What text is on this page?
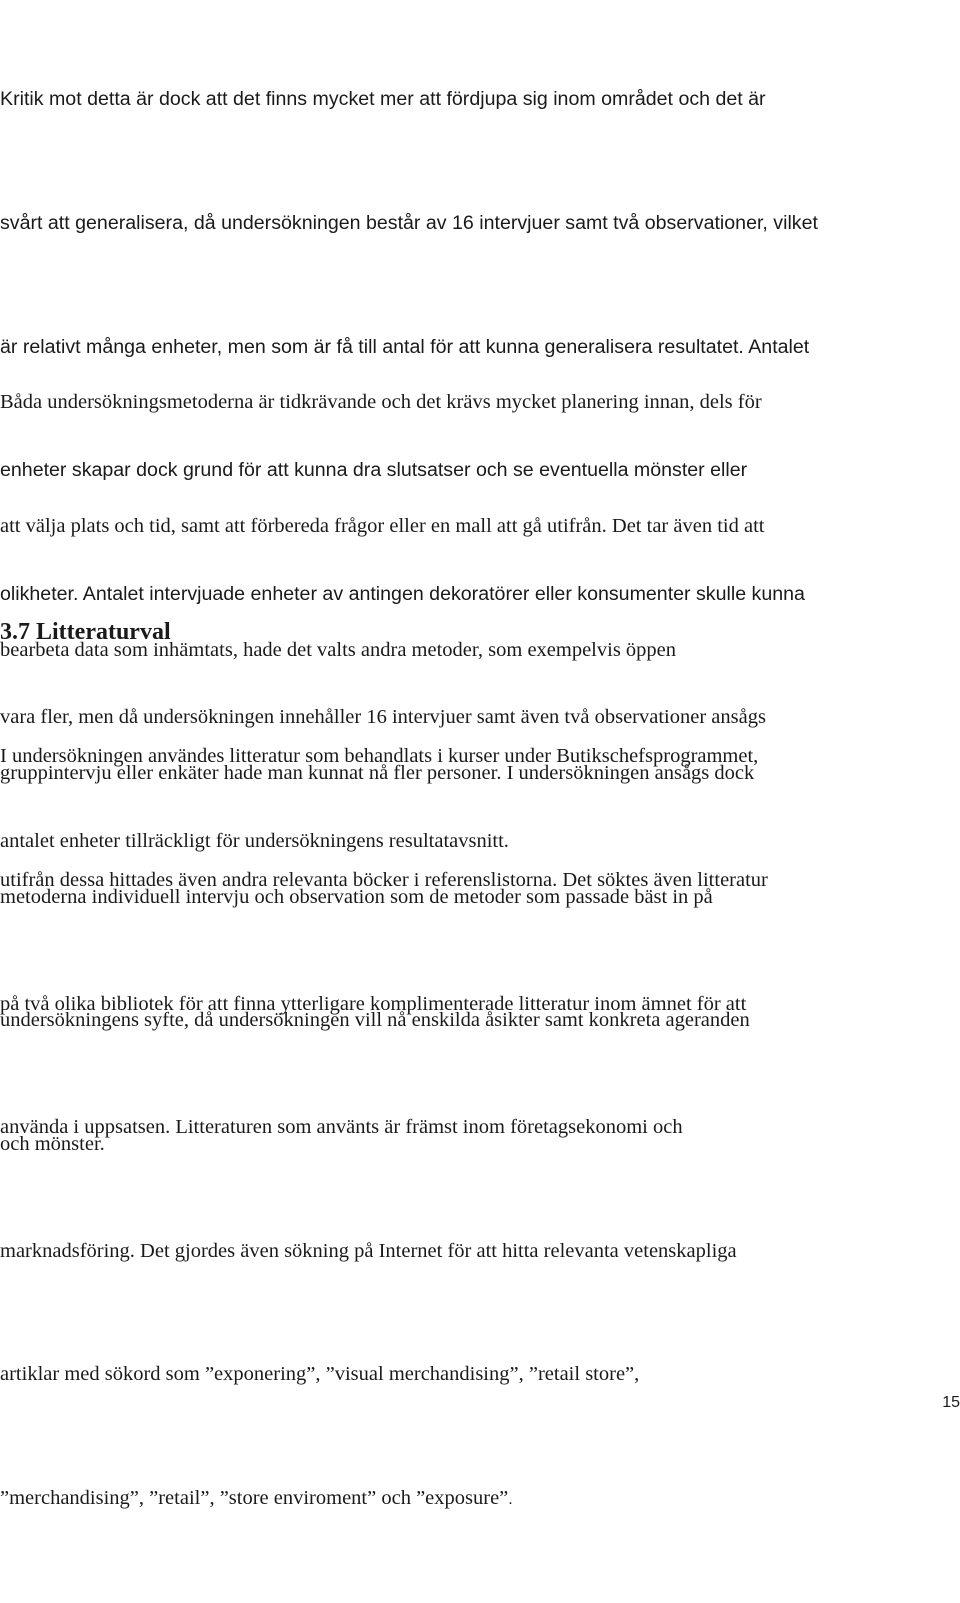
Kritik mot detta är dock att det finns mycket mer att fördjupa sig inom området och det är

svårt att generalisera, då undersökningen består av 16 intervjuer samt två observationer, vilket

är relativt många enheter, men som är få till antal för att kunna generalisera resultatet. Antalet

enheter skapar dock grund för att kunna dra slutsatser och se eventuella mönster eller

olikheter. Antalet intervjuade enheter av antingen dekoratörer eller konsumenter skulle kunna

vara fler, men då undersökningen innehåller 16 intervjuer samt även två observationer ansågs

antalet enheter tillräckligt för undersökningens resultatavsnitt.

Båda undersökningsmetoderna är tidkrävande och det krävs mycket planering innan, dels för

att välja plats och tid, samt att förbereda frågor eller en mall att gå utifrån. Det tar även tid att

bearbeta data som inhämtats, hade det valts andra metoder, som exempelvis öppen

gruppintervju eller enkäter hade man kunnat nå fler personer. I undersökningen ansågs dock

metoderna individuell intervju och observation som de metoder som passade bäst in på

undersökningens syfte, då undersökningen vill nå enskilda åsikter samt konkreta ageranden

och mönster.

3.7 Litteraturval

I undersökningen användes litteratur som behandlats i kurser under Butikschefsprogrammet,

utifrån dessa hittades även andra relevanta böcker i referenslistorna. Det söktes även litteratur

på två olika bibliotek för att finna ytterligare komplimenterade litteratur inom ämnet för att

använda i uppsatsen. Litteraturen som använts är främst inom företagsekonomi och

marknadsföring. Det gjordes även sökning på Internet för att hitta relevanta vetenskapliga

artiklar med sökord som ”exponering”, ”visual merchandising”, ”retail store”,

”merchandising”, ”retail”, ”store enviroment” och ”exposure”.

15
